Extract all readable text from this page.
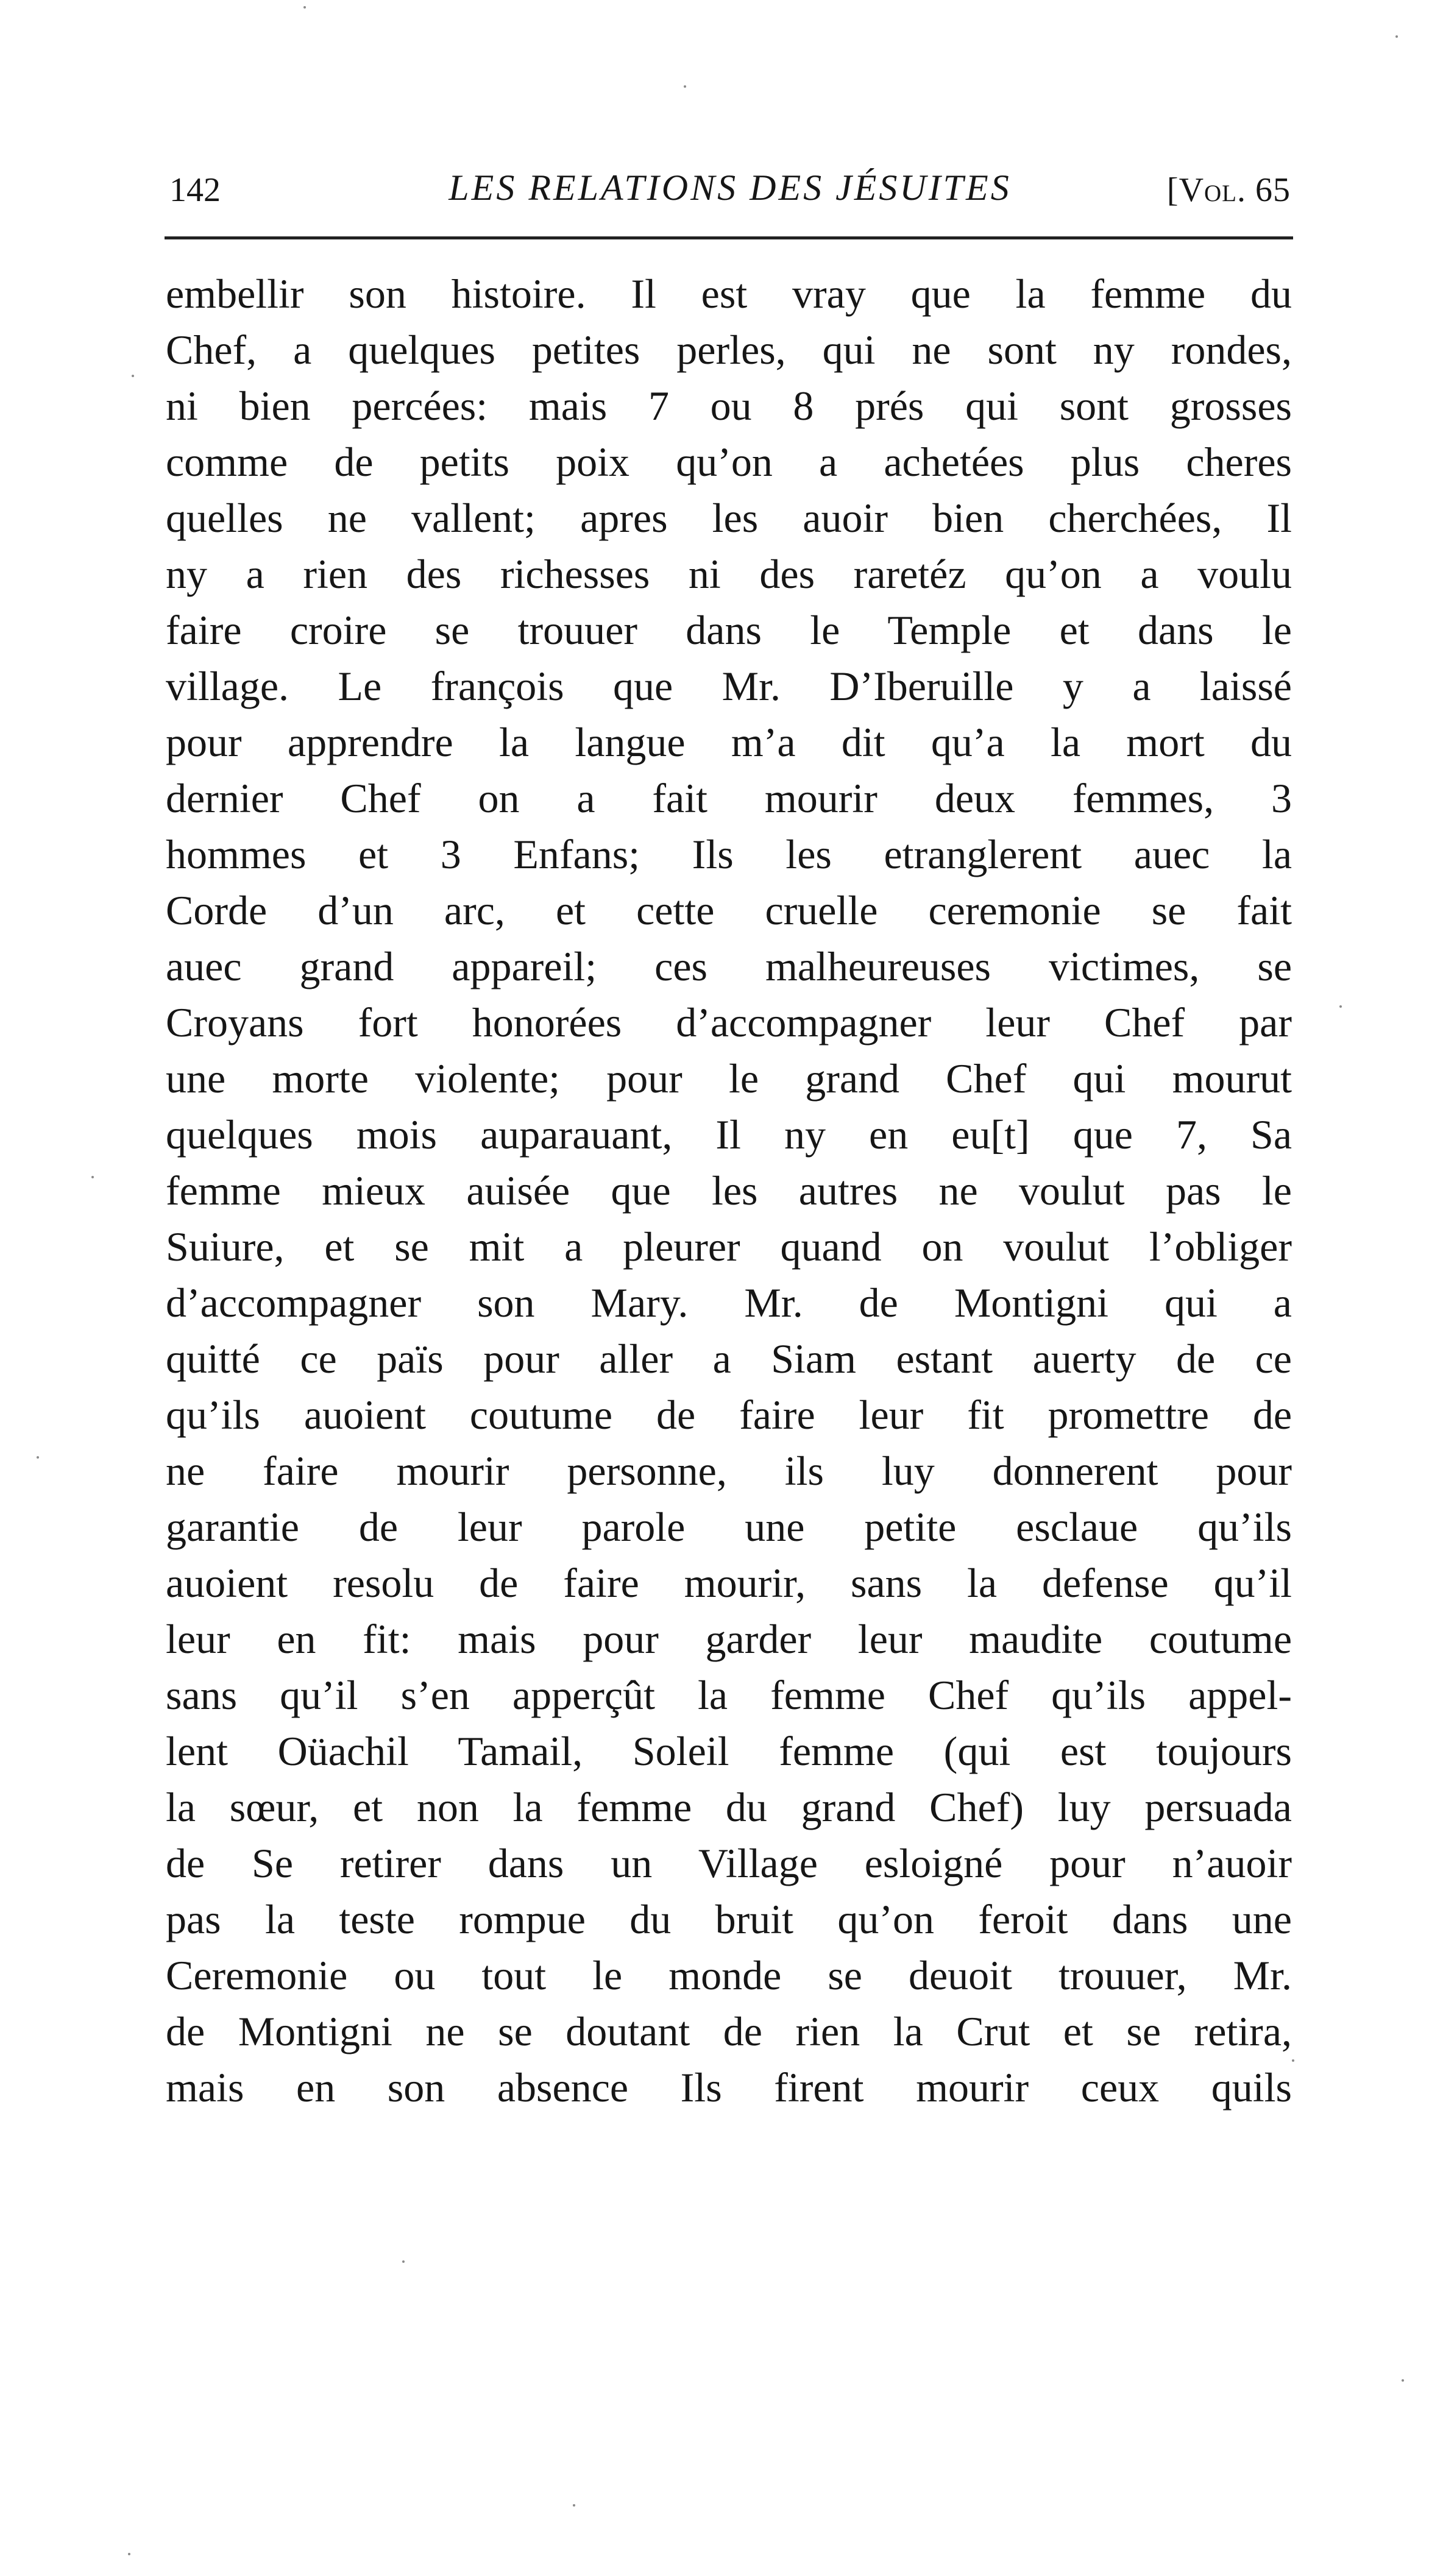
142	LES RELATIONS DES JÉSUITES	[Vol. 65
embellir son histoire. Il est vray que la femme du
Chef, a quelques petites perles, qui ne sont ny rondes,
ni bien percées: mais 7 ou 8 prés qui sont grosses
comme de petits poix qu’on a achetées plus cheres
quelles ne vallent; apres les auoir bien cherchées, Il
ny a rien des richesses ni des raretéz qu’on a voulu
faire croire se trouuer dans le Temple et dans le
village. Le françois que Mr. D’Iberuille y a laissé
pour apprendre la langue m’a dit qu’a la mort du
dernier Chef on a fait mourir deux femmes, 3
hommes et 3 Enfans; Ils les etranglerent auec la
Corde d’un arc, et cette cruelle ceremonie se fait
auec grand appareil; ces malheureuses victimes, se
Croyans fort honorées d’accompagner leur Chef par
une morte violente; pour le grand Chef qui mourut
quelques mois auparauant, Il ny en eu[t] que 7, Sa
femme mieux auisée que les autres ne voulut pas le
Suiure, et se mit a pleurer quand on voulut l’obliger
d’accompagner son Mary. Mr. de Montigni qui a
quitté ce païs pour aller a Siam estant auerty de ce
qu’ils auoient coutume de faire leur fit promettre de
ne faire mourir personne, ils luy donnerent pour
garantie de leur parole une petite esclaue qu’ils
auoient resolu de faire mourir, sans la defense qu’il
leur en fit: mais pour garder leur maudite coutume
sans qu’il s’en apperçût la femme Chef qu’ils appel-
lent Oüachil Tamail, Soleil femme (qui est toujours
la sœur, et non la femme du grand Chef) luy persuada
de Se retirer dans un Village esloigné pour n’auoir
pas la teste rompue du bruit qu’on feroit dans une
Ceremonie ou tout le monde se deuoit trouuer, Mr.
de Montigni ne se doutant de rien la Crut et se retira,
mais en son absence Ils firent mourir ceux quils
